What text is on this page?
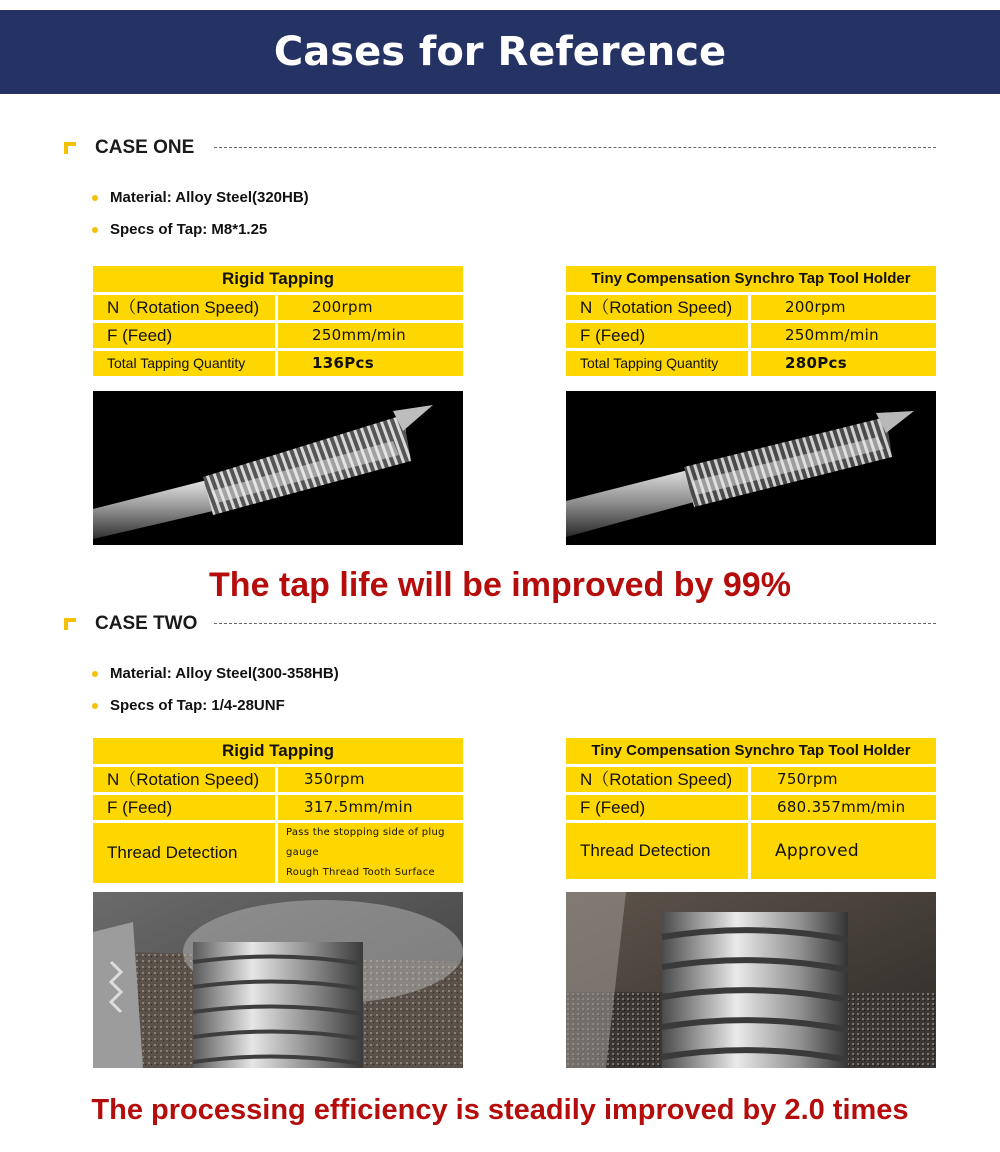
Cases for Reference
CASE ONE
Material: Alloy Steel(320HB)
Specs of Tap: M8*1.25
Rigid Tapping	
N（Rotation Speed)	200rpm
F (Feed)	250mm/min
Total Tapping Quantity	136Pcs
Tiny Compensation Synchro Tap Tool Holder	
N（Rotation Speed)	200rpm
F (Feed)	250mm/min
Total Tapping Quantity	280Pcs
The tap life will be improved by 99%
CASE TWO
Material: Alloy Steel(300-358HB)
Specs of Tap: 1/4-28UNF
Rigid Tapping	
N（Rotation Speed)	350rpm
F (Feed)	317.5mm/min
Thread Detection	Pass the stopping side of plug gauge
Rough Thread Tooth Surface
Tiny Compensation Synchro Tap Tool Holder	
N（Rotation Speed)	750rpm
F (Feed)	680.357mm/min
Thread Detection	Approved
The processing efficiency is steadily improved by 2.0 times
